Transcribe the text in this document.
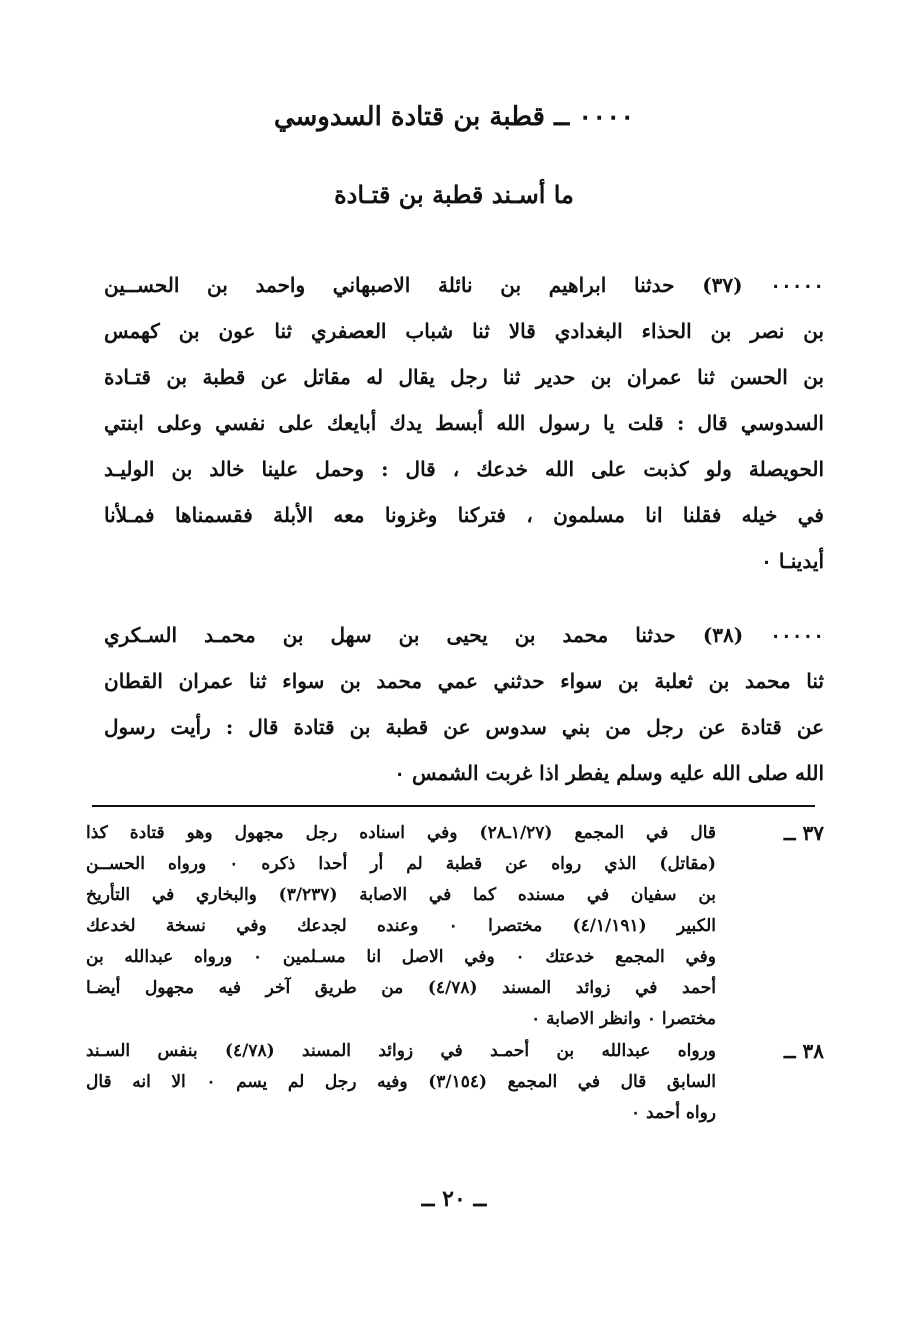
٠٠٠٠ ــ قطبة بن قتادة السدوسي
ما أسـند قطبة بن قتـادة
٠٠٠٠٠ (٣٧) حدثنا ابراهيم بن نائلة الاصبهاني واحمد بن الحســين
بن نصر بن الحذاء البغدادي قالا ثنا شباب العصفري ثنا عون بن كهمس
بن الحسن ثنا عمران بن حدير ثنا رجل يقال له مقاتل عن قطبة بن قتـادة
السدوسي قال : قلت يا رسول الله أبسط يدك أبايعك على نفسي وعلى ابنتي
الحويصلة ولو كذبت على الله خدعك ، قال : وحمل علينا خالد بن الوليـد
في خيله فقلنا انا مسلمون ، فتركنا وغزونا معه الأبلة فقسمناها فمـلأنا
أيدينـا ٠
٠٠٠٠٠ (٣٨) حدثنا محمد بن يحيى بن سهل بن محمـد السـكري
ثنا محمد بن ثعلبة بن سواء حدثني عمي محمد بن سواء ثنا عمران القطان
عن قتادة عن رجل من بني سدوس عن قطبة بن قتادة قال : رأيت رسول
الله صلى الله عليه وسلم يفطر اذا غربت الشمس ٠
٣٧ ــ
قال في المجمع (١/٢٧ـ٢٨) وفي اسناده رجل مجهول وهو قتادة كذا
(مقاتل) الذي رواه عن قطبة لم أر أحدا ذكره ٠ ورواه الحســن
بن سفيان في مسنده كما في الاصابة (٣/٢٣٧) والبخاري في التأريخ
الكبير (٤/١/١٩١) مختصرا ٠ وعنده لجدعك وفي نسخة لخدعك
وفي المجمع خدعتك ٠ وفي الاصل انا مسـلمين ٠ ورواه عبدالله بن
أحمد في زوائد المسند (٤/٧٨) من طريق آخر فيه مجهول أيضـا
مختصرا ٠ وانظر الاصابة ٠
٣٨ ــ
ورواه عبدالله بن أحمـد في زوائد المسند (٤/٧٨) بنفس السـند
السابق قال في المجمع (٣/١٥٤) وفيه رجل لم يسم ٠ الا انه قال
رواه أحمد ٠
ــ ٢٠ ــ
